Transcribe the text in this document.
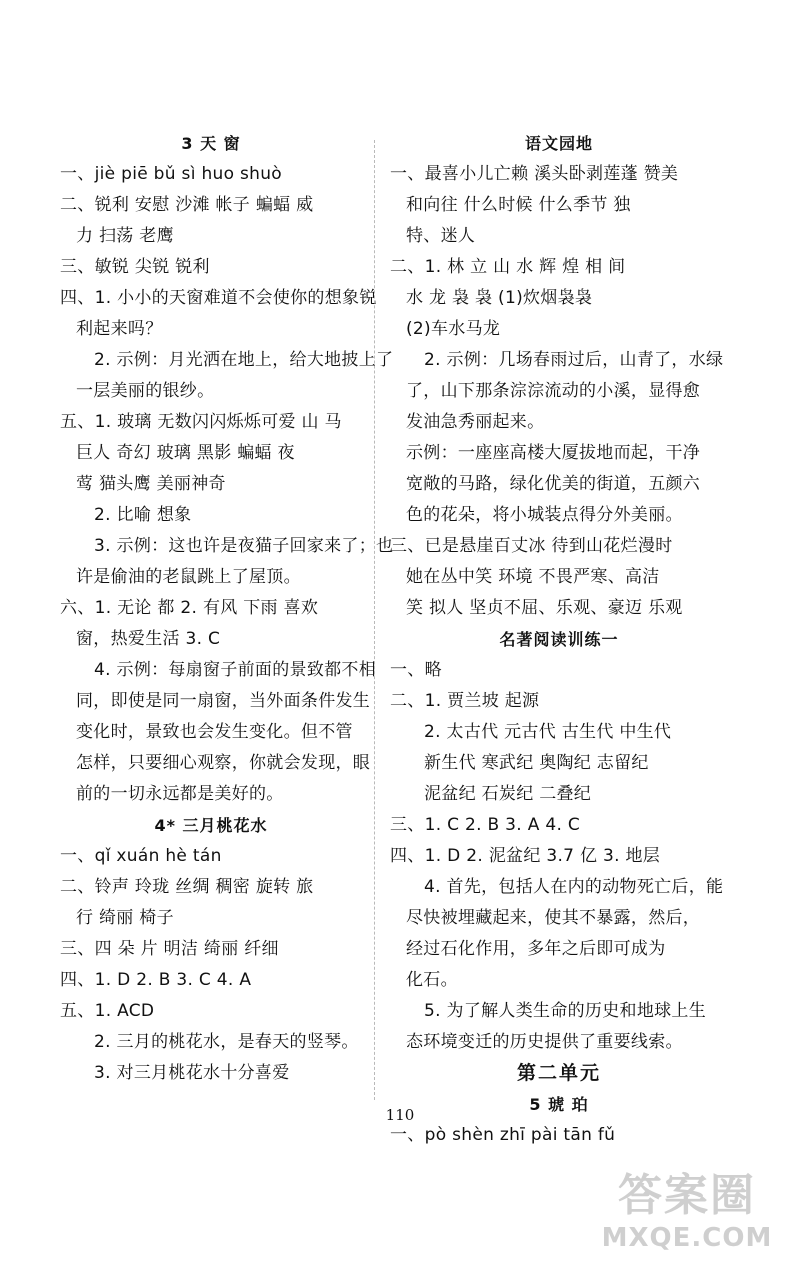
3 天 窗
一、jiè piē bǔ sì huo shuò
二、锐利 安慰 沙滩 帐子 蝙蝠 威
力 扫荡 老鹰
三、敏锐 尖锐 锐利
四、1. 小小的天窗难道不会使你的想象锐
利起来吗？
2. 示例：月光洒在地上，给大地披上了
一层美丽的银纱。
五、1. 玻璃 无数闪闪烁烁可爱 山 马
巨人 奇幻 玻璃 黑影 蝙蝠 夜
莺 猫头鹰 美丽神奇
2. 比喻 想象
3. 示例：这也许是夜猫子回家来了；也
许是偷油的老鼠跳上了屋顶。
六、1. 无论 都 2. 有风 下雨 喜欢
窗，热爱生活 3. C
4. 示例：每扇窗子前面的景致都不相
同，即使是同一扇窗，当外面条件发生
变化时，景致也会发生变化。但不管
怎样，只要细心观察，你就会发现，眼
前的一切永远都是美好的。
4* 三月桃花水
一、qǐ xuán hè tán
二、铃声 玲珑 丝绸 稠密 旋转 旅
行 绮丽 椅子
三、四 朵 片 明洁 绮丽 纤细
四、1. D 2. B 3. C 4. A
五、1. ACD
2. 三月的桃花水，是春天的竖琴。
3. 对三月桃花水十分喜爱
语文园地
一、最喜小儿亡赖 溪头卧剥莲蓬 赞美
和向往 什么时候 什么季节 独
特、迷人
二、1. 林 立 山 水 辉 煌 相 间
水 龙 袅 袅 (1)炊烟袅袅
(2)车水马龙
2. 示例：几场春雨过后，山青了，水绿
了，山下那条淙淙流动的小溪，显得愈
发油急秀丽起来。
示例：一座座高楼大厦拔地而起，干净
宽敞的马路，绿化优美的街道，五颜六
色的花朵，将小城装点得分外美丽。
三、已是悬崖百丈冰 待到山花烂漫时
她在丛中笑 环境 不畏严寒、高洁
笑 拟人 坚贞不屈、乐观、豪迈 乐观
名著阅读训练一
一、略
二、1. 贾兰坡 起源
2. 太古代 元古代 古生代 中生代
新生代 寒武纪 奥陶纪 志留纪
泥盆纪 石炭纪 二叠纪
三、1. C 2. B 3. A 4. C
四、1. D 2. 泥盆纪 3.7 亿 3. 地层
4. 首先，包括人在内的动物死亡后，能
尽快被埋藏起来，使其不暴露，然后，
经过石化作用，多年之后即可成为
化石。
5. 为了解人类生命的历史和地球上生
态环境变迁的历史提供了重要线索。
第二单元
5 琥 珀
一、pò shèn zhī pài tān fǔ
110
答案圈
MXQE.COM
